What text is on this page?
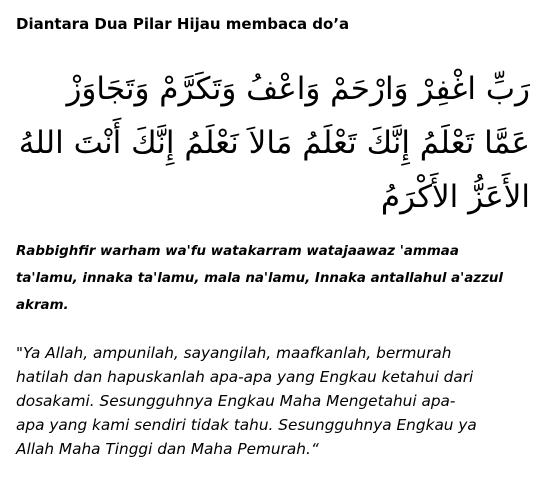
Diantara Dua Pilar Hijau membaca do’a
رَبِّ اغْفِرْ وَارْحَمْ وَاعْفُ وَتَكَرَّمْ وَتَجَاوَزْ
عَمَّا تَعْلَمُ إِنَّكَ تَعْلَمُ مَالاَ نَعْلَمُ إِنَّكَ أَنْتَ اللهُ
الأَعَزُّ الأَكْرَمُ
Rabbighfir warham wa'fu watakarram watajaawaz 'ammaa
ta'lamu, innaka ta'lamu, mala na'lamu, Innaka antallahul a'azzul
akram.
"Ya Allah, ampunilah, sayangilah, maafkanlah, bermurah
hatilah dan hapuskanlah apa-apa yang Engkau ketahui dari
dosakami. Sesungguhnya Engkau Maha Mengetahui apa-
apa yang kami sendiri tidak tahu. Sesungguhnya Engkau ya
Allah Maha Tinggi dan Maha Pemurah.“
